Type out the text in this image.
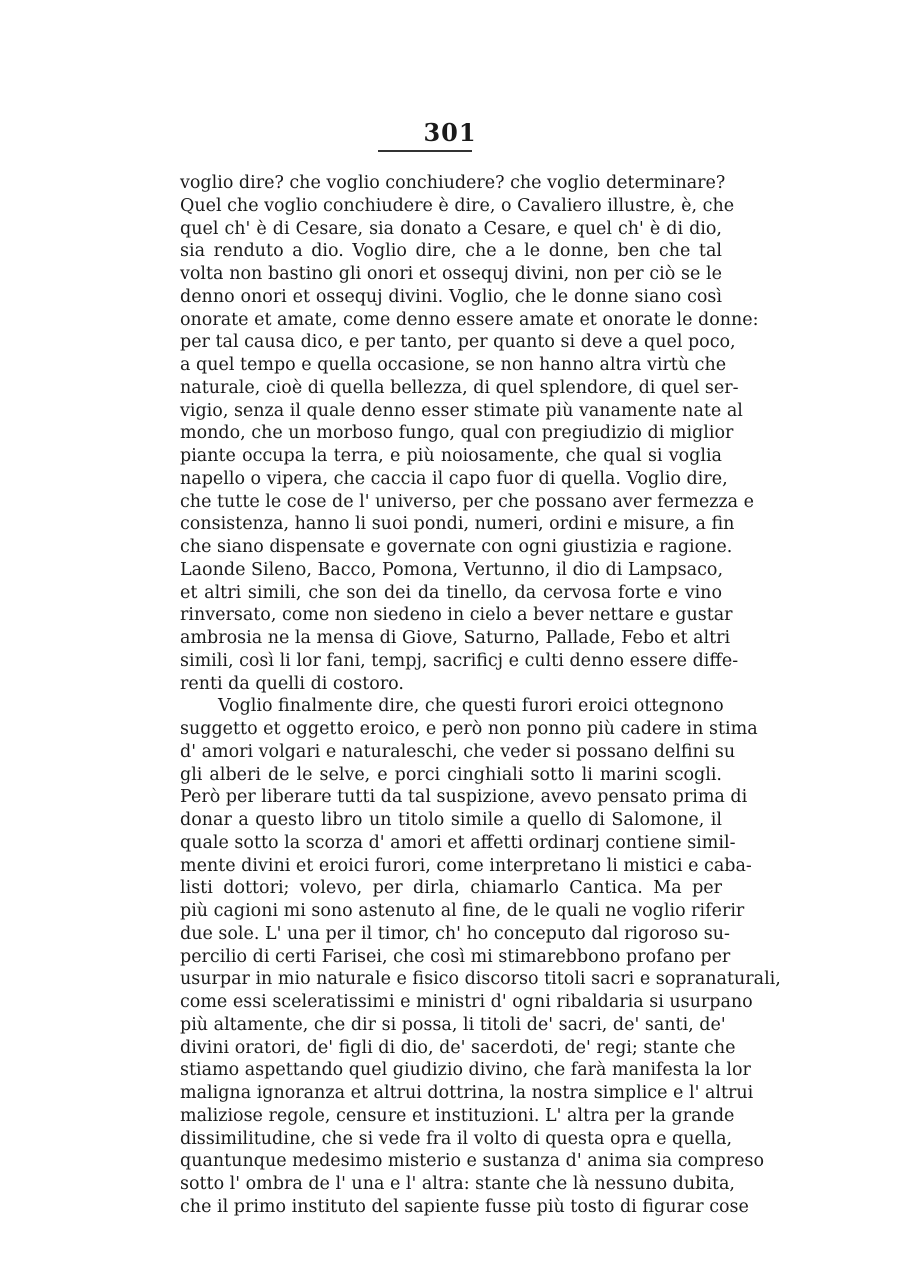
301
voglio dire? che voglio conchiudere? che voglio determinare?
Quel che voglio conchiudere è dire, o Cavaliero illustre, è, che
quel ch' è di Cesare, sia donato a Cesare, e quel ch' è di dio,
sia renduto a dio. Voglio dire, che a le donne, ben che tal
volta non bastino gli onori et ossequj divini, non per ciò se le
denno onori et ossequj divini. Voglio, che le donne siano così
onorate et amate, come denno essere amate et onorate le donne:
per tal causa dico, e per tanto, per quanto si deve a quel poco,
a quel tempo e quella occasione, se non hanno altra virtù che
naturale, cioè di quella bellezza, di quel splendore, di quel ser-
vigio, senza il quale denno esser stimate più vanamente nate al
mondo, che un morboso fungo, qual con pregiudizio di miglior
piante occupa la terra, e più noiosamente, che qual si voglia
napello o vipera, che caccia il capo fuor di quella. Voglio dire,
che tutte le cose de l' universo, per che possano aver fermezza e
consistenza, hanno li suoi pondi, numeri, ordini e misure, a fin
che siano dispensate e governate con ogni giustizia e ragione.
Laonde Sileno, Bacco, Pomona, Vertunno, il dio di Lampsaco,
et altri simili, che son dei da tinello, da cervosa forte e vino
rinversato, come non siedeno in cielo a bever nettare e gustar
ambrosia ne la mensa di Giove, Saturno, Pallade, Febo et altri
simili, così li lor fani, tempj, sacrificj e culti denno essere diffe-
renti da quelli di costoro.
Voglio finalmente dire, che questi furori eroici ottegnono
suggetto et oggetto eroico, e però non ponno più cadere in stima
d' amori volgari e naturaleschi, che veder si possano delfini su
gli alberi de le selve, e porci cinghiali sotto li marini scogli.
Però per liberare tutti da tal suspizione, avevo pensato prima di
donar a questo libro un titolo simile a quello di Salomone, il
quale sotto la scorza d' amori et affetti ordinarj contiene simil-
mente divini et eroici furori, come interpretano li mistici e caba-
listi dottori; volevo, per dirla, chiamarlo Cantica. Ma per
più cagioni mi sono astenuto al fine, de le quali ne voglio riferir
due sole. L' una per il timor, ch' ho conceputo dal rigoroso su-
percilio di certi Farisei, che così mi stimarebbono profano per
usurpar in mio naturale e fisico discorso titoli sacri e sopranaturali,
come essi sceleratissimi e ministri d' ogni ribaldaria si usurpano
più altamente, che dir si possa, li titoli de' sacri, de' santi, de'
divini oratori, de' figli di dio, de' sacerdoti, de' regi; stante che
stiamo aspettando quel giudizio divino, che farà manifesta la lor
maligna ignoranza et altrui dottrina, la nostra simplice e l' altrui
maliziose regole, censure et instituzioni. L' altra per la grande
dissimilitudine, che si vede fra il volto di questa opra e quella,
quantunque medesimo misterio e sustanza d' anima sia compreso
sotto l' ombra de l' una e l' altra: stante che là nessuno dubita,
che il primo instituto del sapiente fusse più tosto di figurar cose
